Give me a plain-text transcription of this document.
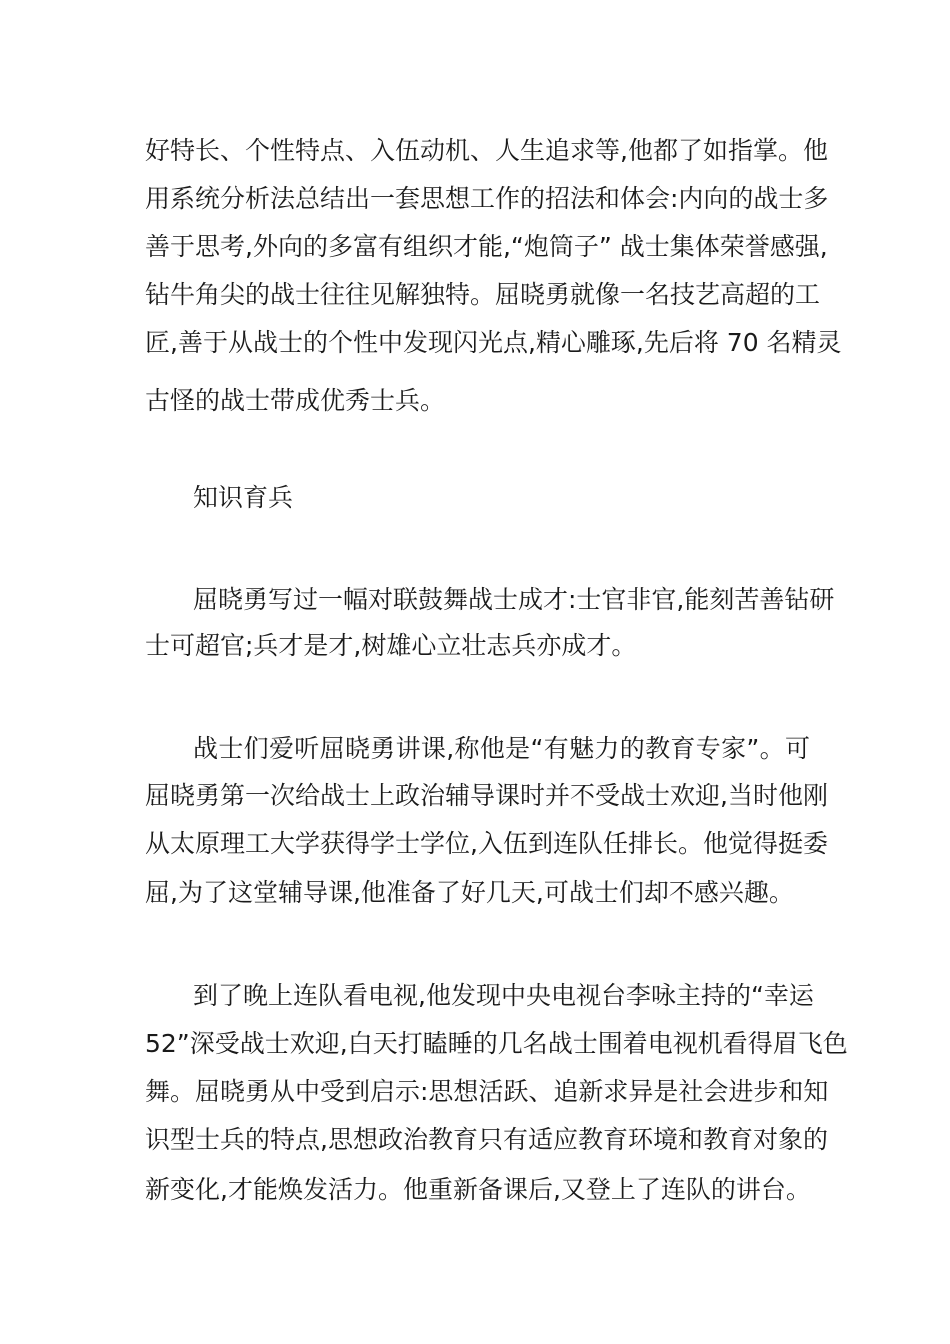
好特长、个性特点、入伍动机、人生追求等,他都了如指掌。他
用系统分析法总结出一套思想工作的招法和体会:内向的战士多
善于思考,外向的多富有组织才能,“炮筒子” 战士集体荣誉感强,
钻牛角尖的战士往往见解独特。屈晓勇就像一名技艺高超的工
匠,善于从战士的个性中发现闪光点,精心雕琢,先后将 70 名精灵
古怪的战士带成优秀士兵。
知识育兵
屈晓勇写过一幅对联鼓舞战士成才:士官非官,能刻苦善钻研
士可超官;兵才是才,树雄心立壮志兵亦成才。
战士们爱听屈晓勇讲课,称他是“有魅力的教育专家”。可
屈晓勇第一次给战士上政治辅导课时并不受战士欢迎,当时他刚
从太原理工大学获得学士学位,入伍到连队任排长。他觉得挺委
屈,为了这堂辅导课,他准备了好几天,可战士们却不感兴趣。
到了晚上连队看电视,他发现中央电视台李咏主持的“幸运
52”深受战士欢迎,白天打瞌睡的几名战士围着电视机看得眉飞色
舞。屈晓勇从中受到启示:思想活跃、追新求异是社会进步和知
识型士兵的特点,思想政治教育只有适应教育环境和教育对象的
新变化,才能焕发活力。他重新备课后,又登上了连队的讲台。
